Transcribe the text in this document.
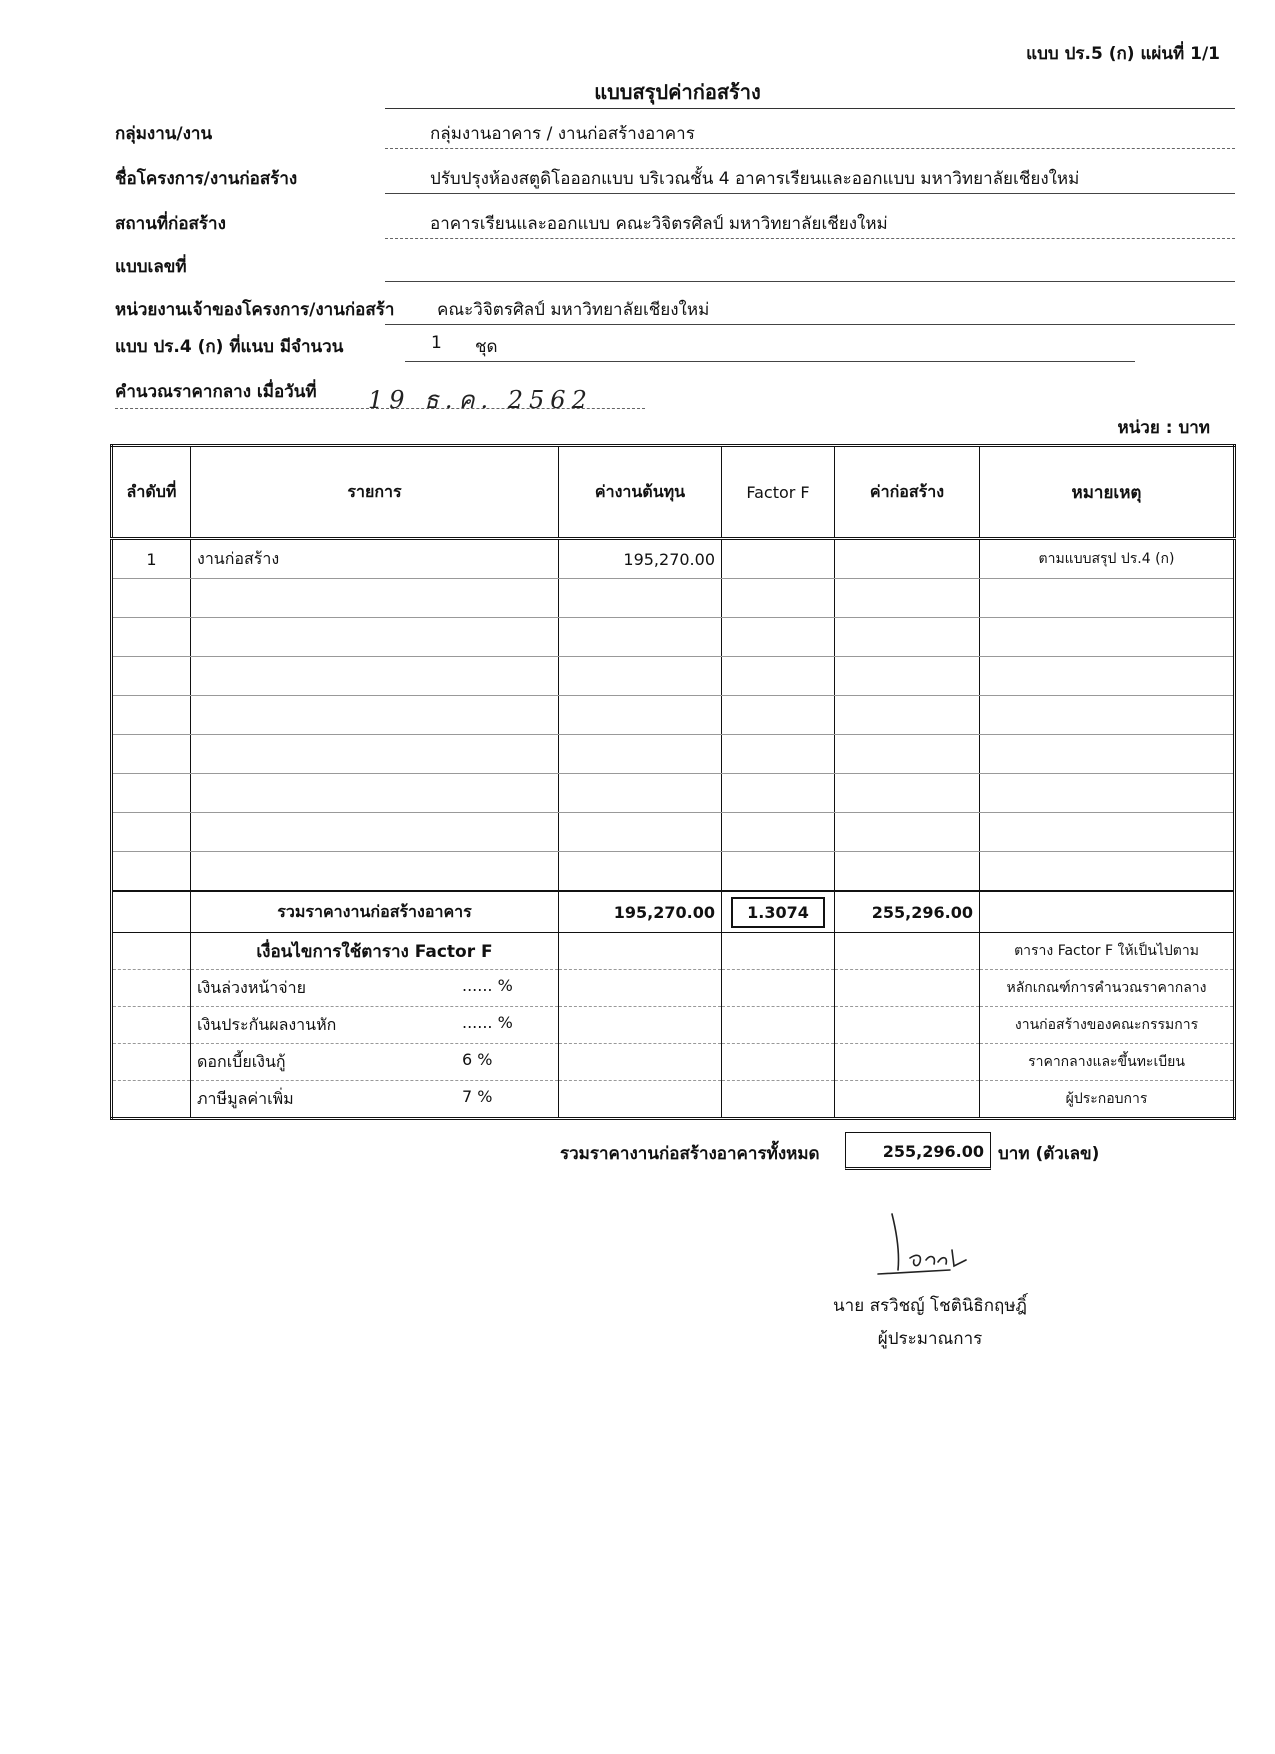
แบบ ปร.5 (ก) แผ่นที่ 1/1
แบบสรุปค่าก่อสร้าง
กลุ่มงาน/งาน	กลุ่มงานอาคาร / งานก่อสร้างอาคาร
ชื่อโครงการ/งานก่อสร้าง	ปรับปรุงห้องสตูดิโอออกแบบ บริเวณชั้น 4 อาคารเรียนและออกแบบ มหาวิทยาลัยเชียงใหม่
สถานที่ก่อสร้าง	อาคารเรียนและออกแบบ คณะวิจิตรศิลป์ มหาวิทยาลัยเชียงใหม่
แบบเลขที่
หน่วยงานเจ้าของโครงการ/งานก่อสร้า	คณะวิจิตรศิลป์ มหาวิทยาลัยเชียงใหม่
แบบ ปร.4 (ก) ที่แนบ มีจำนวน	1 ชุด
คำนวณราคากลาง เมื่อวันที่ 19 ธ.ค. 2562
หน่วย : บาท
ลำดับที่	รายการ	ค่างานต้นทุน	Factor F	ค่าก่อสร้าง	หมายเหตุ
1	งานก่อสร้าง	195,270.00			ตามแบบสรุป ปร.4 (ก)

	รวมราคางานก่อสร้างอาคาร	195,270.00	1.3074	255,296.00	
	เงื่อนไขการใช้ตาราง Factor F				ตาราง Factor F ให้เป็นไปตาม
	เงินล่วงหน้าจ่าย ...... %				หลักเกณฑ์การคำนวณราคากลาง
	เงินประกันผลงานหัก ...... %				งานก่อสร้างของคณะกรรมการ
	ดอกเบี้ยเงินกู้ 6 %				ราคากลางและขึ้นทะเบียน
	ภาษีมูลค่าเพิ่ม 7 %				ผู้ประกอบการ
รวมราคางานก่อสร้างอาคารทั้งหมด	255,296.00 บาท (ตัวเลข)
นาย สรวิชญ์ โชตินิธิกฤษฎิ์
ผู้ประมาณการ
